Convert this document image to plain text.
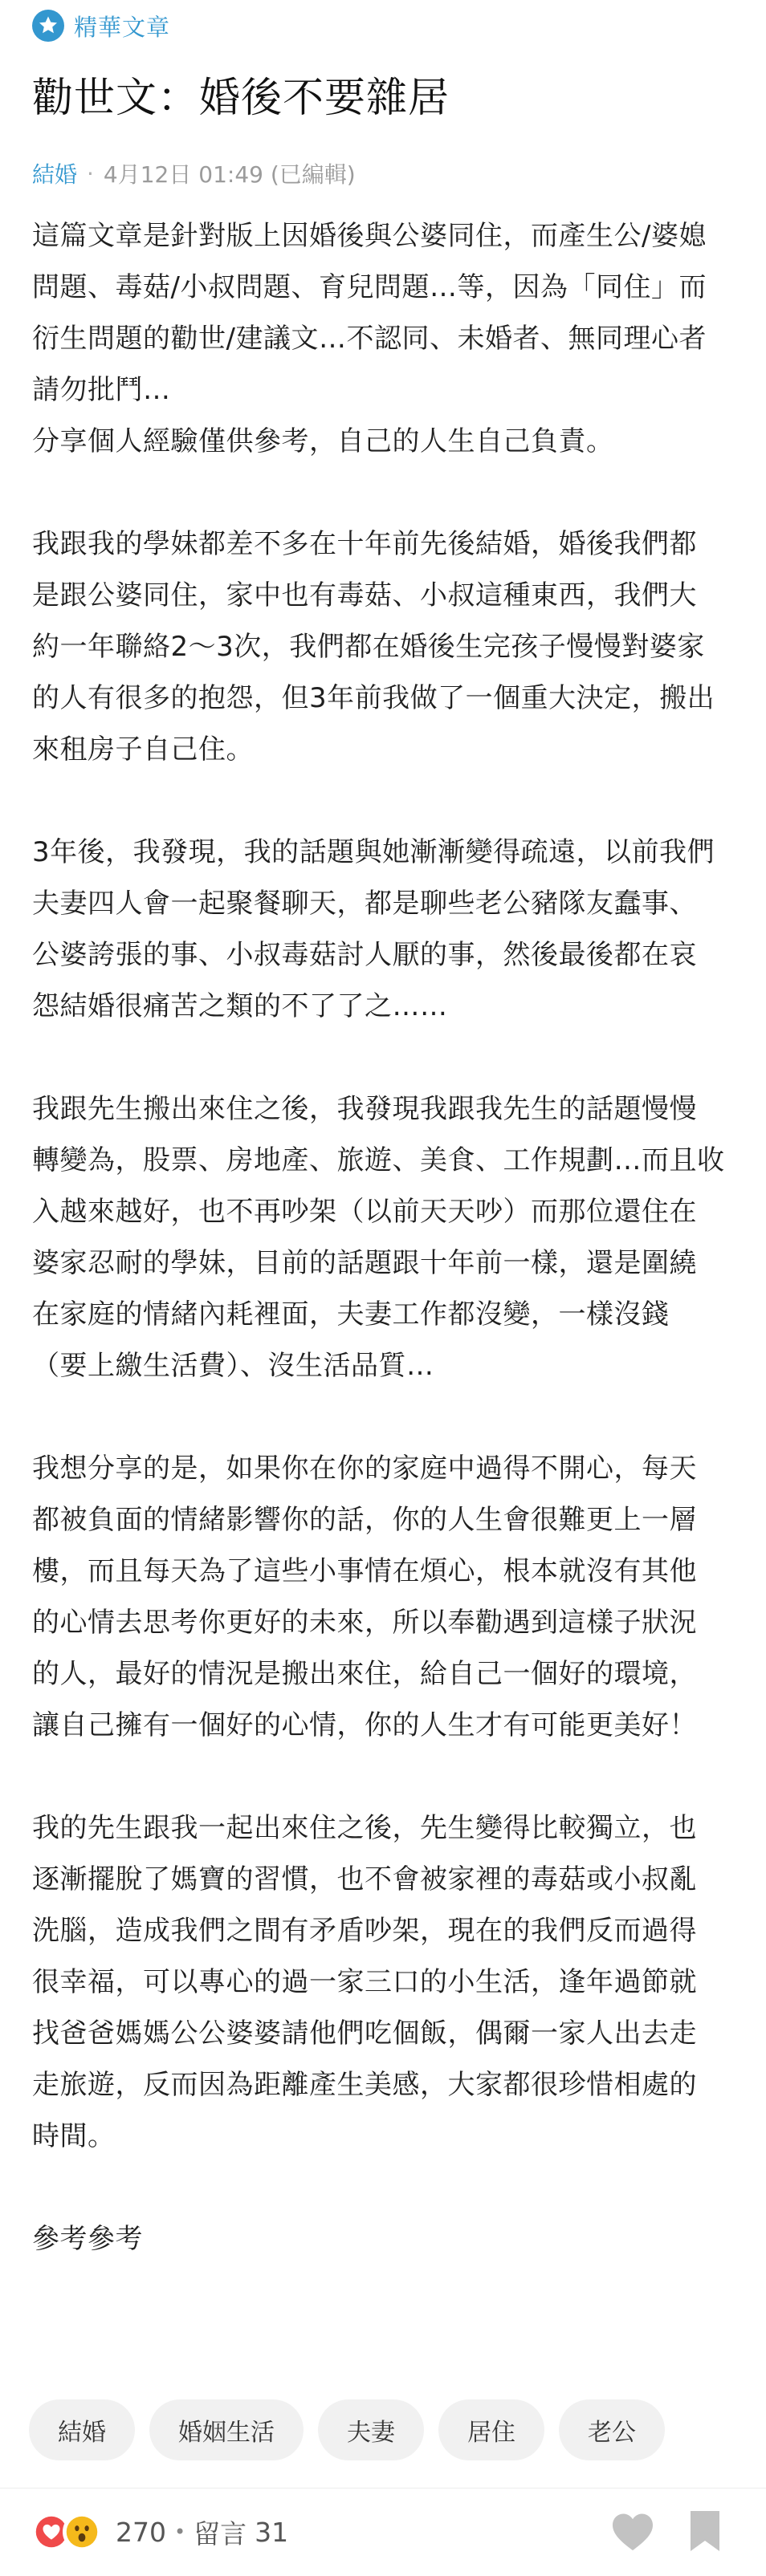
精華文章
勸世文：婚後不要雜居
結婚 · 4月12日 01:49 (已編輯)
這篇文章是針對版上因婚後與公婆同住，而產生公/婆媳
問題、毒菇/小叔問題、育兒問題…等，因為「同住」而
衍生問題的勸世/建議文…不認同、未婚者、無同理心者
請勿批鬥…
分享個人經驗僅供參考，自己的人生自己負責。
我跟我的學妹都差不多在十年前先後結婚，婚後我們都
是跟公婆同住，家中也有毒菇、小叔這種東西，我們大
約一年聯絡2～3次，我們都在婚後生完孩子慢慢對婆家
的人有很多的抱怨，但3年前我做了一個重大決定，搬出
來租房子自己住。
3年後，我發現，我的話題與她漸漸變得疏遠，以前我們
夫妻四人會一起聚餐聊天，都是聊些老公豬隊友蠢事、
公婆誇張的事、小叔毒菇討人厭的事，然後最後都在哀
怨結婚很痛苦之類的不了了之……
我跟先生搬出來住之後，我發現我跟我先生的話題慢慢
轉變為，股票、房地產、旅遊、美食、工作規劃…而且收
入越來越好，也不再吵架（以前天天吵）而那位還住在
婆家忍耐的學妹，目前的話題跟十年前一樣，還是圍繞
在家庭的情緒內耗裡面，夫妻工作都沒變，一樣沒錢
（要上繳生活費）、沒生活品質…
我想分享的是，如果你在你的家庭中過得不開心，每天
都被負面的情緒影響你的話，你的人生會很難更上一層
樓，而且每天為了這些小事情在煩心，根本就沒有其他
的心情去思考你更好的未來，所以奉勸遇到這樣子狀況
的人，最好的情況是搬出來住，給自己一個好的環境，
讓自己擁有一個好的心情，你的人生才有可能更美好！
我的先生跟我一起出來住之後，先生變得比較獨立，也
逐漸擺脫了媽寶的習慣，也不會被家裡的毒菇或小叔亂
洗腦，造成我們之間有矛盾吵架，現在的我們反而過得
很幸福，可以專心的過一家三口的小生活，逢年過節就
找爸爸媽媽公公婆婆請他們吃個飯，偶爾一家人出去走
走旅遊，反而因為距離產生美感，大家都很珍惜相處的
時間。
參考參考
結婚	婚姻生活	夫妻	居住	老公
270 • 留言 31
